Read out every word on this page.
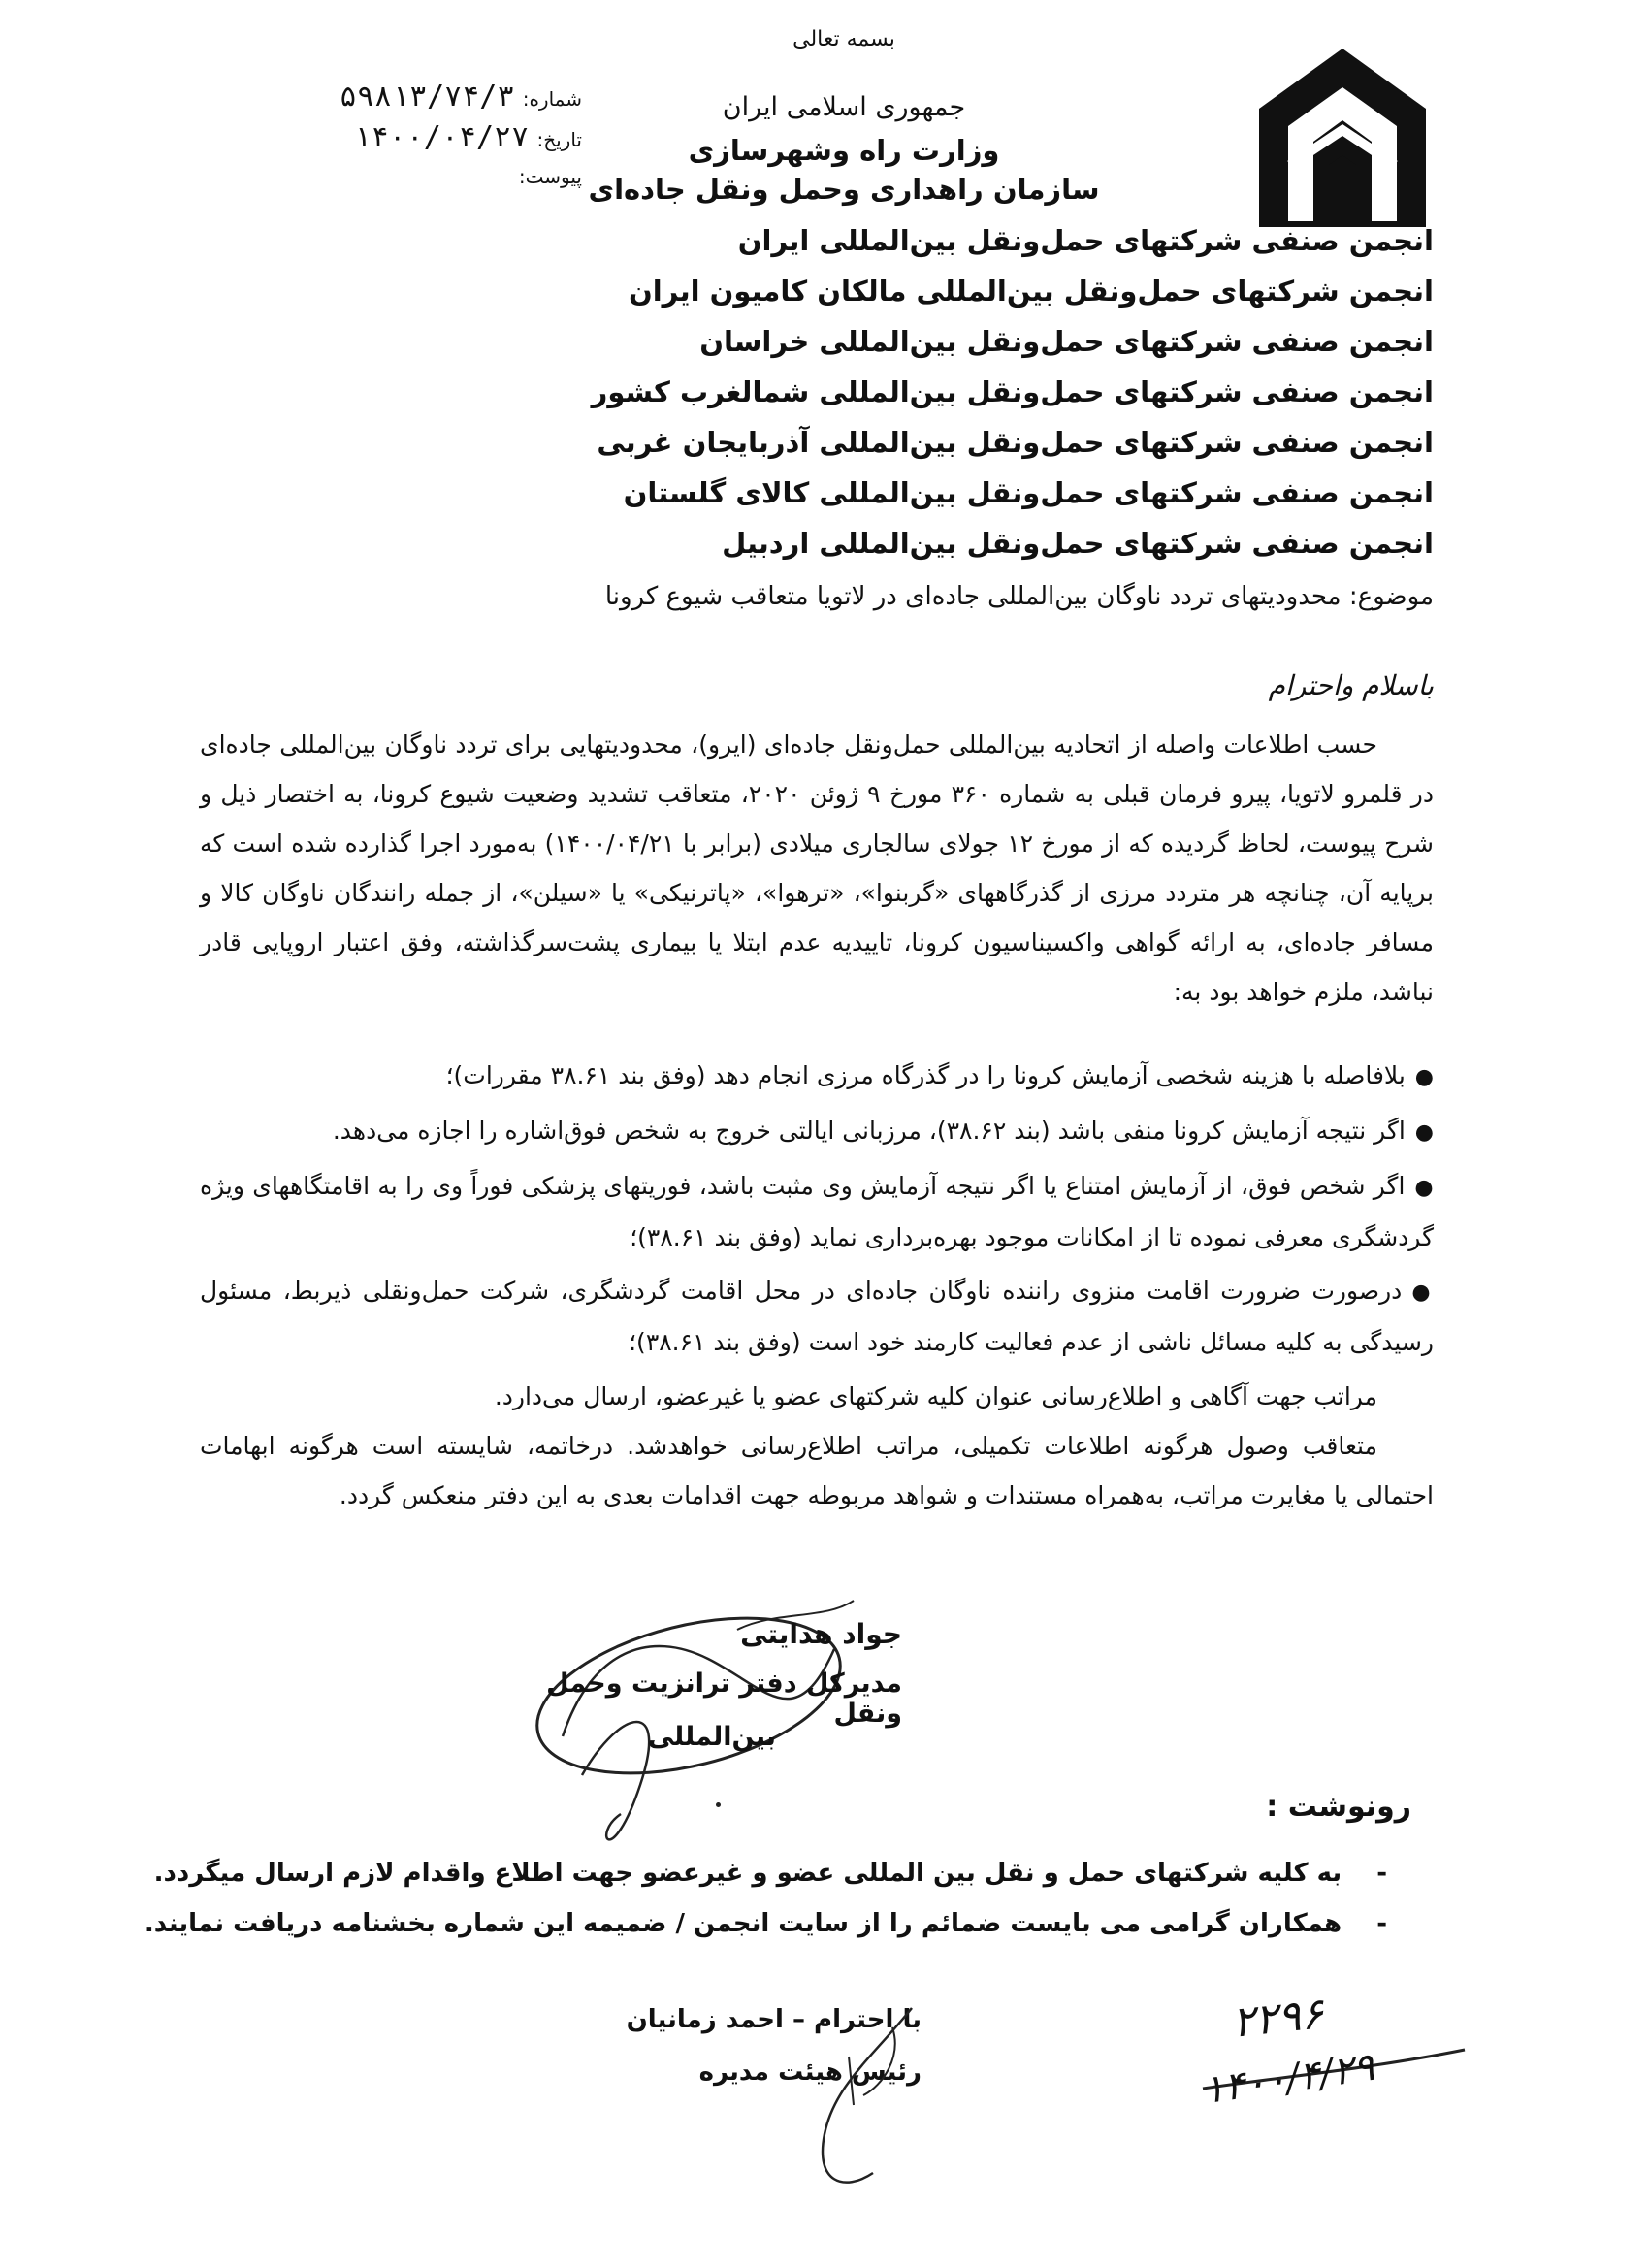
بسمه تعالی
جمهوری اسلامی ایران
وزارت راه وشهرسازی
سازمان راهداری وحمل ونقل جاده‌ای
شماره: ۵۹۸۱۳/۷۴/۳
تاریخ: ۱۴۰۰/۰۴/۲۷
پیوست:
انجمن صنفی شرکتهای حمل‌ونقل بین‌المللی ایران
انجمن شرکتهای حمل‌ونقل بین‌المللی مالکان کامیون ایران
انجمن صنفی شرکتهای حمل‌ونقل بین‌المللی خراسان
انجمن صنفی شرکتهای حمل‌ونقل بین‌المللی شمالغرب کشور
انجمن صنفی شرکتهای حمل‌ونقل بین‌المللی آذربایجان غربی
انجمن صنفی شرکتهای حمل‌ونقل بین‌المللی کالای گلستان
انجمن صنفی شرکتهای حمل‌ونقل بین‌المللی اردبیل
موضوع: محدودیتهای تردد ناوگان بین‌المللی جاده‌ای در لاتویا متعاقب شیوع کرونا
باسلام واحترام

حسب اطلاعات واصله از اتحادیه بین‌المللی حمل‌ونقل جاده‌ای (ایرو)، محدودیتهایی برای تردد ناوگان بین‌المللی جاده‌ای در قلمرو لاتویا، پیرو فرمان قبلی به شماره ۳۶۰ مورخ ۹ ژوئن ۲۰۲۰، متعاقب تشدید وضعیت شیوع کرونا، به اختصار ذیل و شرح پیوست، لحاظ گردیده که از مورخ ۱۲ جولای سالجاری میلادی (برابر با ۱۴۰۰/۰۴/۲۱) به‌مورد اجرا گذارده شده است که برپایه آن، چنانچه هر متردد مرزی از گذرگاههای «گربنوا»، «ترهوا»، «پاترنیکی» یا «سیلن»، از جمله رانندگان ناوگان کالا و مسافر جاده‌ای، به ارائه گواهی واکسیناسیون کرونا، تاییدیه عدم ابتلا یا بیماری پشت‌سرگذاشته، وفق اعتبار اروپایی قادر نباشد، ملزم خواهد بود به:

●بلافاصله با هزینه شخصی آزمایش کرونا را در گذرگاه مرزی انجام دهد (وفق بند ۳۸.۶۱ مقررات)؛
●اگر نتیجه آزمایش کرونا منفی باشد (بند ۳۸.۶۲)، مرزبانی ایالتی خروج به شخص فوق‌اشاره را اجازه می‌دهد.
●اگر شخص فوق، از آزمایش امتناع یا اگر نتیجه آزمایش وی مثبت باشد، فوریتهای پزشکی فوراً وی را به اقامتگاههای ویژه گردشگری معرفی نموده تا از امکانات موجود بهره‌برداری نماید (وفق بند ۳۸.۶۱)؛
●درصورت ضرورت اقامت منزوی راننده ناوگان جاده‌ای در محل اقامت گردشگری، شرکت حمل‌ونقلی ذیربط، مسئول رسیدگی به کلیه مسائل ناشی از عدم فعالیت کارمند خود است (وفق بند ۳۸.۶۱)؛

مراتب جهت آگاهی و اطلاع‌رسانی عنوان کلیه شرکتهای عضو یا غیرعضو، ارسال می‌دارد.

متعاقب وصول هرگونه اطلاعات تکمیلی، مراتب اطلاع‌رسانی خواهدشد. درخاتمه، شایسته است هرگونه ابهامات احتمالی یا مغایرت مراتب، به‌همراه مستندات و شواهد مربوطه جهت اقدامات بعدی به این دفتر منعکس گردد.

جواد هدایتی
مدیرکل دفتر ترانزیت وحمل ونقل
بین‌المللی
رونوشت :
-به کلیه شرکتهای حمل و نقل بین المللی عضو و غیرعضو جهت اطلاع واقدام لازم ارسال میگردد.
-همکاران گرامی می بایست ضمائم را از سایت انجمن / ضمیمه این شماره بخشنامه دریافت نمایند.
با احترام – احمد زمانیان
رئیس هیئت مدیره
۲۲۹۶
۱۴۰۰/۴/۲۹
